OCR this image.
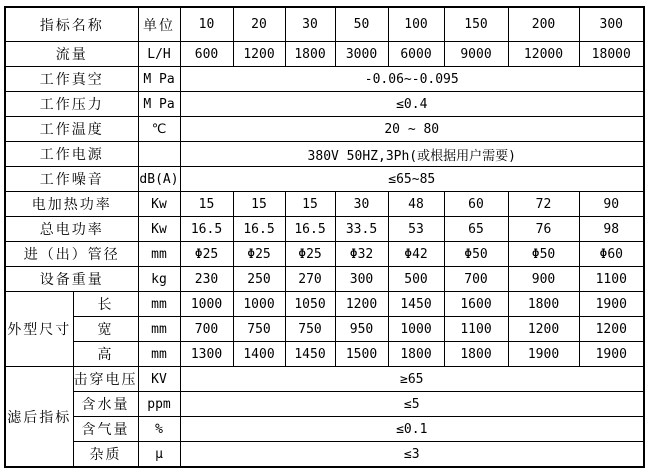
指标名称		单位	10	20	30	50	100	150	200	300
流量		L/H	600	1200	1800	3000	6000	9000	12000	18000
工作真空		M Pa	-0.06~-0.095							
工作压力		M Pa	≤0.4							
工作温度		℃	20 ~ 80							
工作电源			380V 50HZ,3Ph(或根据用户需要)							
工作噪音		dB(A)	≤65~85							
电加热功率		Kw	15	15	15	30	48	60	72	90
总电功率		Kw	16.5	16.5	16.5	33.5	53	65	76	98
进（出）管径		mm	Φ25	Φ25	Φ25	Φ32	Φ42	Φ50	Φ50	Φ60
设备重量		kg	230	250	270	300	500	700	900	1100
外型尺寸	长	mm	1000	1000	1050	1200	1450	1600	1800	1900
	宽	mm	700	750	750	950	1000	1100	1200	1200
	高	mm	1300	1400	1450	1500	1800	1800	1900	1900
滤后指标	击穿电压	KV	≥65							
	含水量	ppm	≤5							
	含气量	%	≤0.1							
	杂质	μ	≤3							
